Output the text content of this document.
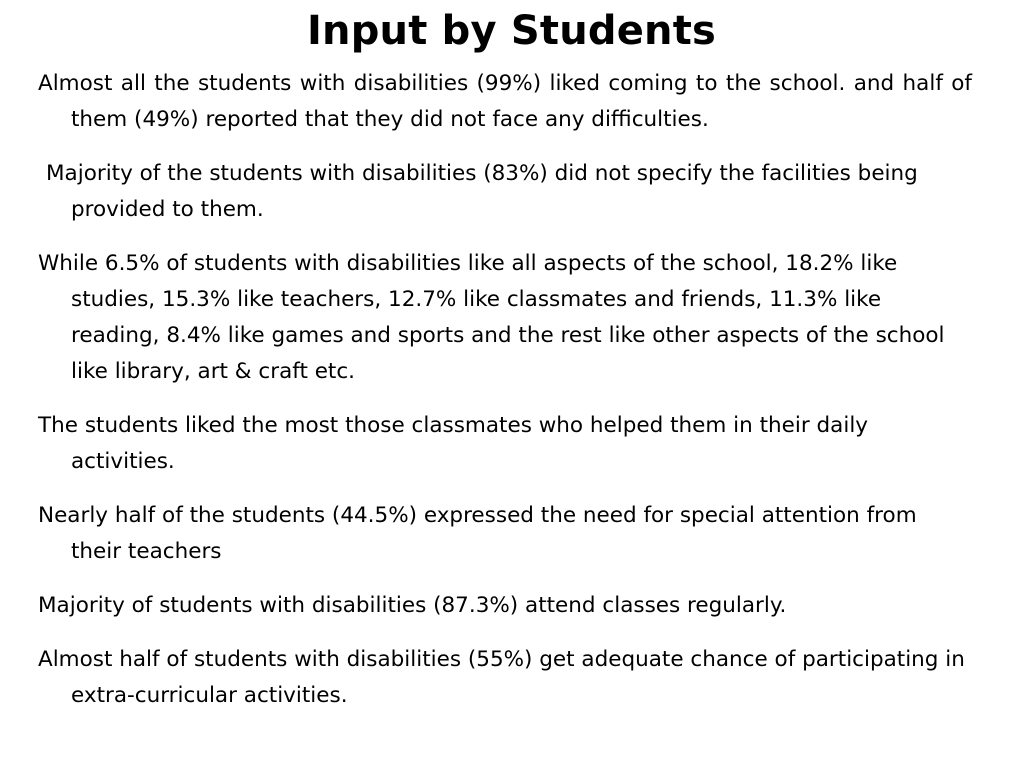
Input by Students
Almost all the students with disabilities (99%) liked coming to the school. and half of them (49%) reported that they did not face any difficulties.
Majority of the students with disabilities (83%) did not specify the facilities being provided to them.
While 6.5% of students with disabilities like all aspects of the school, 18.2% like studies, 15.3% like teachers, 12.7% like classmates and friends, 11.3% like reading, 8.4% like games and sports and the rest like other aspects of the school like library, art & craft etc.
The students liked the most those classmates who helped them in their daily activities.
Nearly half of the students (44.5%) expressed the need for special attention from their teachers
Majority of students with disabilities (87.3%) attend classes regularly.
Almost half of students with disabilities (55%) get adequate chance of participating in extra-curricular activities.
